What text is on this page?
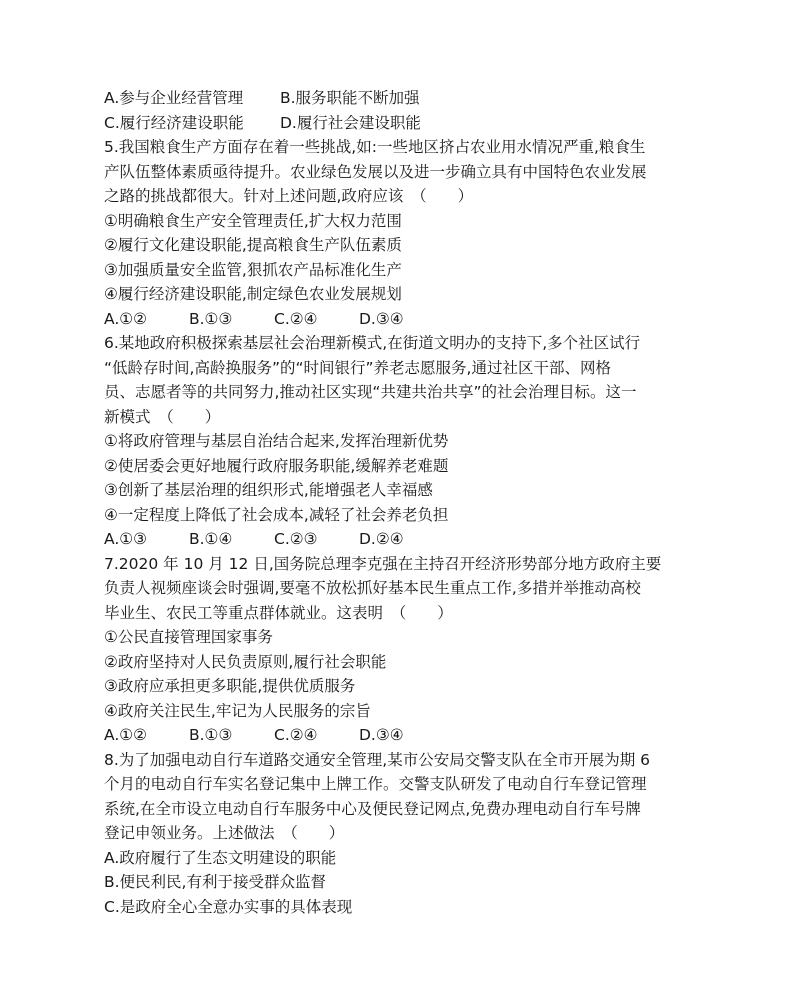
A.参与企业经营管理	B.服务职能不断加强
C.履行经济建设职能	D.履行社会建设职能
5.我国粮食生产方面存在着一些挑战,如:一些地区挤占农业用水情况严重,粮食生
产队伍整体素质亟待提升。农业绿色发展以及进一步确立具有中国特色农业发展
之路的挑战都很大。针对上述问题,政府应该　（　　）
①明确粮食生产安全管理责任,扩大权力范围
②履行文化建设职能,提高粮食生产队伍素质
③加强质量安全监管,狠抓农产品标准化生产
④履行经济建设职能,制定绿色农业发展规划
A.①②	B.①③	C.②④	D.③④
6.某地政府积极探索基层社会治理新模式,在街道文明办的支持下,多个社区试行
“低龄存时间,高龄换服务”的“时间银行”养老志愿服务,通过社区干部、网格
员、志愿者等的共同努力,推动社区实现“共建共治共享”的社会治理目标。这一
新模式　（　　）
①将政府管理与基层自治结合起来,发挥治理新优势
②使居委会更好地履行政府服务职能,缓解养老难题
③创新了基层治理的组织形式,能增强老人幸福感
④一定程度上降低了社会成本,减轻了社会养老负担
A.①③	B.①④	C.②③	D.②④
7.2020 年 10 月 12 日,国务院总理李克强在主持召开经济形势部分地方政府主要
负责人视频座谈会时强调,要毫不放松抓好基本民生重点工作,多措并举推动高校
毕业生、农民工等重点群体就业。这表明　（　　）
①公民直接管理国家事务
②政府坚持对人民负责原则,履行社会职能
③政府应承担更多职能,提供优质服务
④政府关注民生,牢记为人民服务的宗旨
A.①②	B.①③	C.②④	D.③④
8.为了加强电动自行车道路交通安全管理,某市公安局交警支队在全市开展为期 6
个月的电动自行车实名登记集中上牌工作。交警支队研发了电动自行车登记管理
系统,在全市设立电动自行车服务中心及便民登记网点,免费办理电动自行车号牌
登记申领业务。上述做法　（　　）
A.政府履行了生态文明建设的职能
B.便民利民,有利于接受群众监督
C.是政府全心全意办实事的具体表现
